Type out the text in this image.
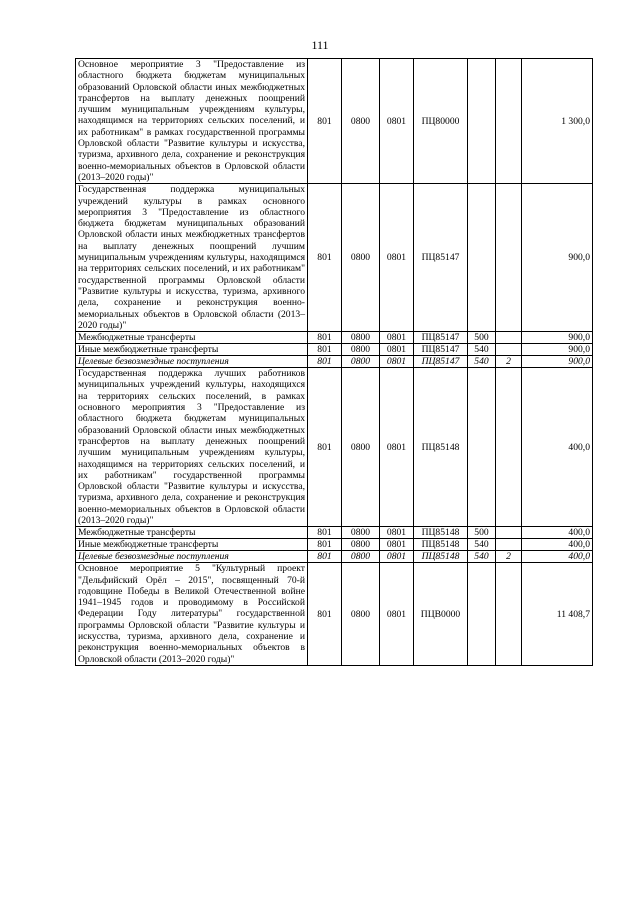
111
Основное мероприятие 3 "Предоставление из областного бюджета бюджетам муниципальных образований Орловской области иных межбюджетных трансфертов на выплату денежных поощрений лучшим муниципальным учреждениям культуры, находящимся на территориях сельских поселений, и их работникам" в рамках государственной программы Орловской области "Развитие культуры и искусства, туризма, архивного дела, сохранение и реконструкция военно-мемориальных объектов в Орловской области (2013–2020 годы)"	801	0800	0801	ПЦ80000			1 300,0
Государственная поддержка муниципальных учреждений культуры в рамках основного мероприятия 3 "Предоставление из областного бюджета бюджетам муниципальных образований Орловской области иных межбюджетных трансфертов на выплату денежных поощрений лучшим муниципальным учреждениям культуры, находящимся на территориях сельских поселений, и их работникам" государственной программы Орловской области "Развитие культуры и искусства, туризма, архивного дела, сохранение и реконструкция военно-мемориальных объектов в Орловской области (2013–2020 годы)"	801	0800	0801	ПЦ85147			900,0
Межбюджетные трансферты	801	0800	0801	ПЦ85147	500		900,0
Иные межбюджетные трансферты	801	0800	0801	ПЦ85147	540		900,0
Целевые безвозмездные поступления	801	0800	0801	ПЦ85147	540	2	900,0
Государственная поддержка лучших работников муниципальных учреждений культуры, находящихся на территориях сельских поселений, в рамках основного мероприятия 3 "Предоставление из областного бюджета бюджетам муниципальных образований Орловской области иных межбюджетных трансфертов на выплату денежных поощрений лучшим муниципальным учреждениям культуры, находящимся на территориях сельских поселений, и их работникам" государственной программы Орловской области "Развитие культуры и искусства, туризма, архивного дела, сохранение и реконструкция военно-мемориальных объектов в Орловской области (2013–2020 годы)"	801	0800	0801	ПЦ85148			400,0
Межбюджетные трансферты	801	0800	0801	ПЦ85148	500		400,0
Иные межбюджетные трансферты	801	0800	0801	ПЦ85148	540		400,0
Целевые безвозмездные поступления	801	0800	0801	ПЦ85148	540	2	400,0
Основное мероприятие 5 "Культурный проект "Дельфийский Орёл – 2015", посвященный 70-й годовщине Победы в Великой Отечественной войне 1941–1945 годов и проводимому в Российской Федерации Году литературы" государственной программы Орловской области "Развитие культуры и искусства, туризма, архивного дела, сохранение и реконструкция военно-мемориальных объектов в Орловской области (2013–2020 годы)"	801	0800	0801	ПЦВ0000			11 408,7
